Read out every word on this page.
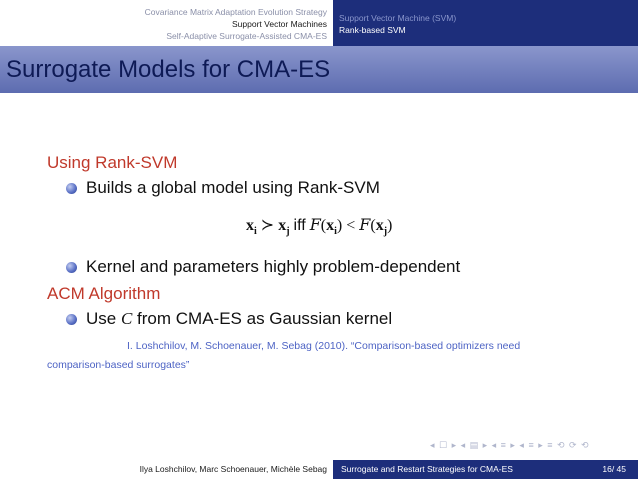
Covariance Matrix Adaptation Evolution Strategy
Support Vector Machines
Self-Adaptive Surrogate-Assisted CMA-ES
Support Vector Machine (SVM)
Rank-based SVM
Surrogate Models for CMA-ES
Using Rank-SVM
Builds a global model using Rank-SVM
$x_i$ ≻ $x_j$ iff $F(x_i) < F(x_j)$
Kernel and parameters highly problem-dependent
ACM Algorithm
Use C from CMA-ES as Gaussian kernel
I. Loshchilov, M. Schoenauer, M. Sebag (2010). “Comparison-based optimizers need
comparison-based surrogates”
◂ ☐ ▸ ◂ ▤ ▸ ◂ ≡ ▸ ◂ ≡ ▸ ≡ ⟲ ⟳ ⟲
Ilya Loshchilov, Marc Schoenauer, Michèle Sebag Surrogate and Restart Strategies for CMA-ES	16/ 45
